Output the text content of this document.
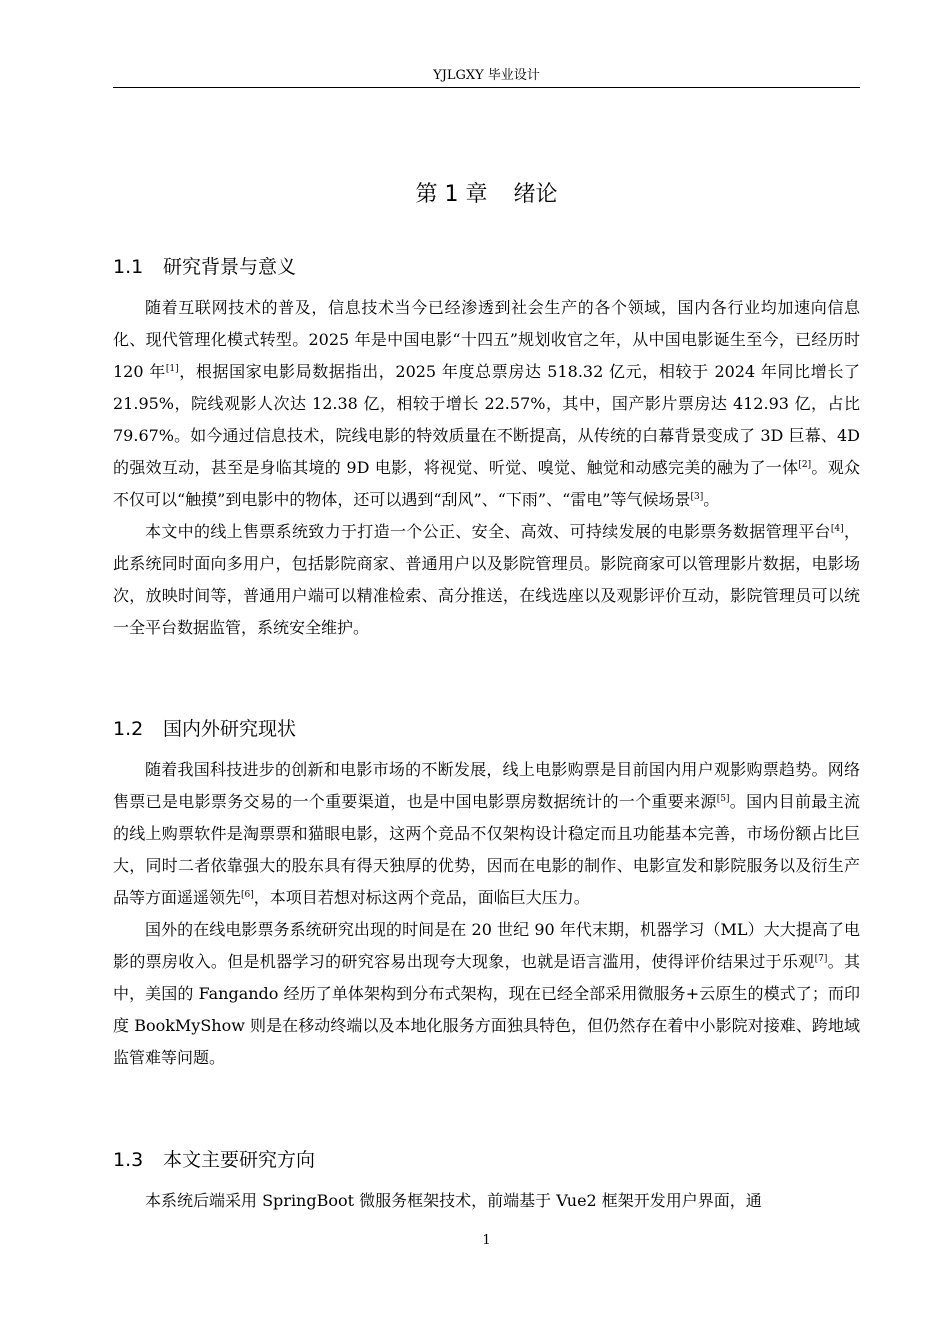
YJLGXY 毕业设计
第 1 章 绪论
1.1 研究背景与意义

随着互联网技术的普及，信息技术当今已经渗透到社会生产的各个领域，国内各行业均加速向信息化、现代管理化模式转型。2025 年是中国电影“十四五”规划收官之年，从中国电影诞生至今，已经历时 120 年[1]，根据国家电影局数据指出，2025 年度总票房达 518.32 亿元，相较于 2024 年同比增长了 21.95%，院线观影人次达 12.38 亿，相较于增长 22.57%，其中，国产影片票房达 412.93 亿，占比 79.67%。如今通过信息技术，院线电影的特效质量在不断提高，从传统的白幕背景变成了 3D 巨幕、4D 的强效互动，甚至是身临其境的 9D 电影，将视觉、听觉、嗅觉、触觉和动感完美的融为了一体[2]。观众不仅可以“触摸”到电影中的物体，还可以遇到“刮风”、“下雨”、“雷电”等气候场景[3]。

本文中的线上售票系统致力于打造一个公正、安全、高效、可持续发展的电影票务数据管理平台[4]，此系统同时面向多用户，包括影院商家、普通用户以及影院管理员。影院商家可以管理影片数据，电影场次，放映时间等，普通用户端可以精准检索、高分推送，在线选座以及观影评价互动，影院管理员可以统一全平台数据监管，系统安全维护。

1.2 国内外研究现状

随着我国科技进步的创新和电影市场的不断发展，线上电影购票是目前国内用户观影购票趋势。网络售票已是电影票务交易的一个重要渠道，也是中国电影票房数据统计的一个重要来源[5]。国内目前最主流的线上购票软件是淘票票和猫眼电影，这两个竞品不仅架构设计稳定而且功能基本完善，市场份额占比巨大，同时二者依靠强大的股东具有得天独厚的优势，因而在电影的制作、电影宣发和影院服务以及衍生产品等方面遥遥领先[6]，本项目若想对标这两个竞品，面临巨大压力。

国外的在线电影票务系统研究出现的时间是在 20 世纪 90 年代末期，机器学习（ML）大大提高了电影的票房收入。但是机器学习的研究容易出现夸大现象，也就是语言滥用，使得评价结果过于乐观[7]。其中，美国的 Fangando 经历了单体架构到分布式架构，现在已经全部采用微服务+云原生的模式了；而印度 BookMyShow 则是在移动终端以及本地化服务方面独具特色，但仍然存在着中小影院对接难、跨地域监管难等问题。

1.3 本文主要研究方向

本系统后端采用 SpringBoot 微服务框架技术，前端基于 Vue2 框架开发用户界面，通

1
